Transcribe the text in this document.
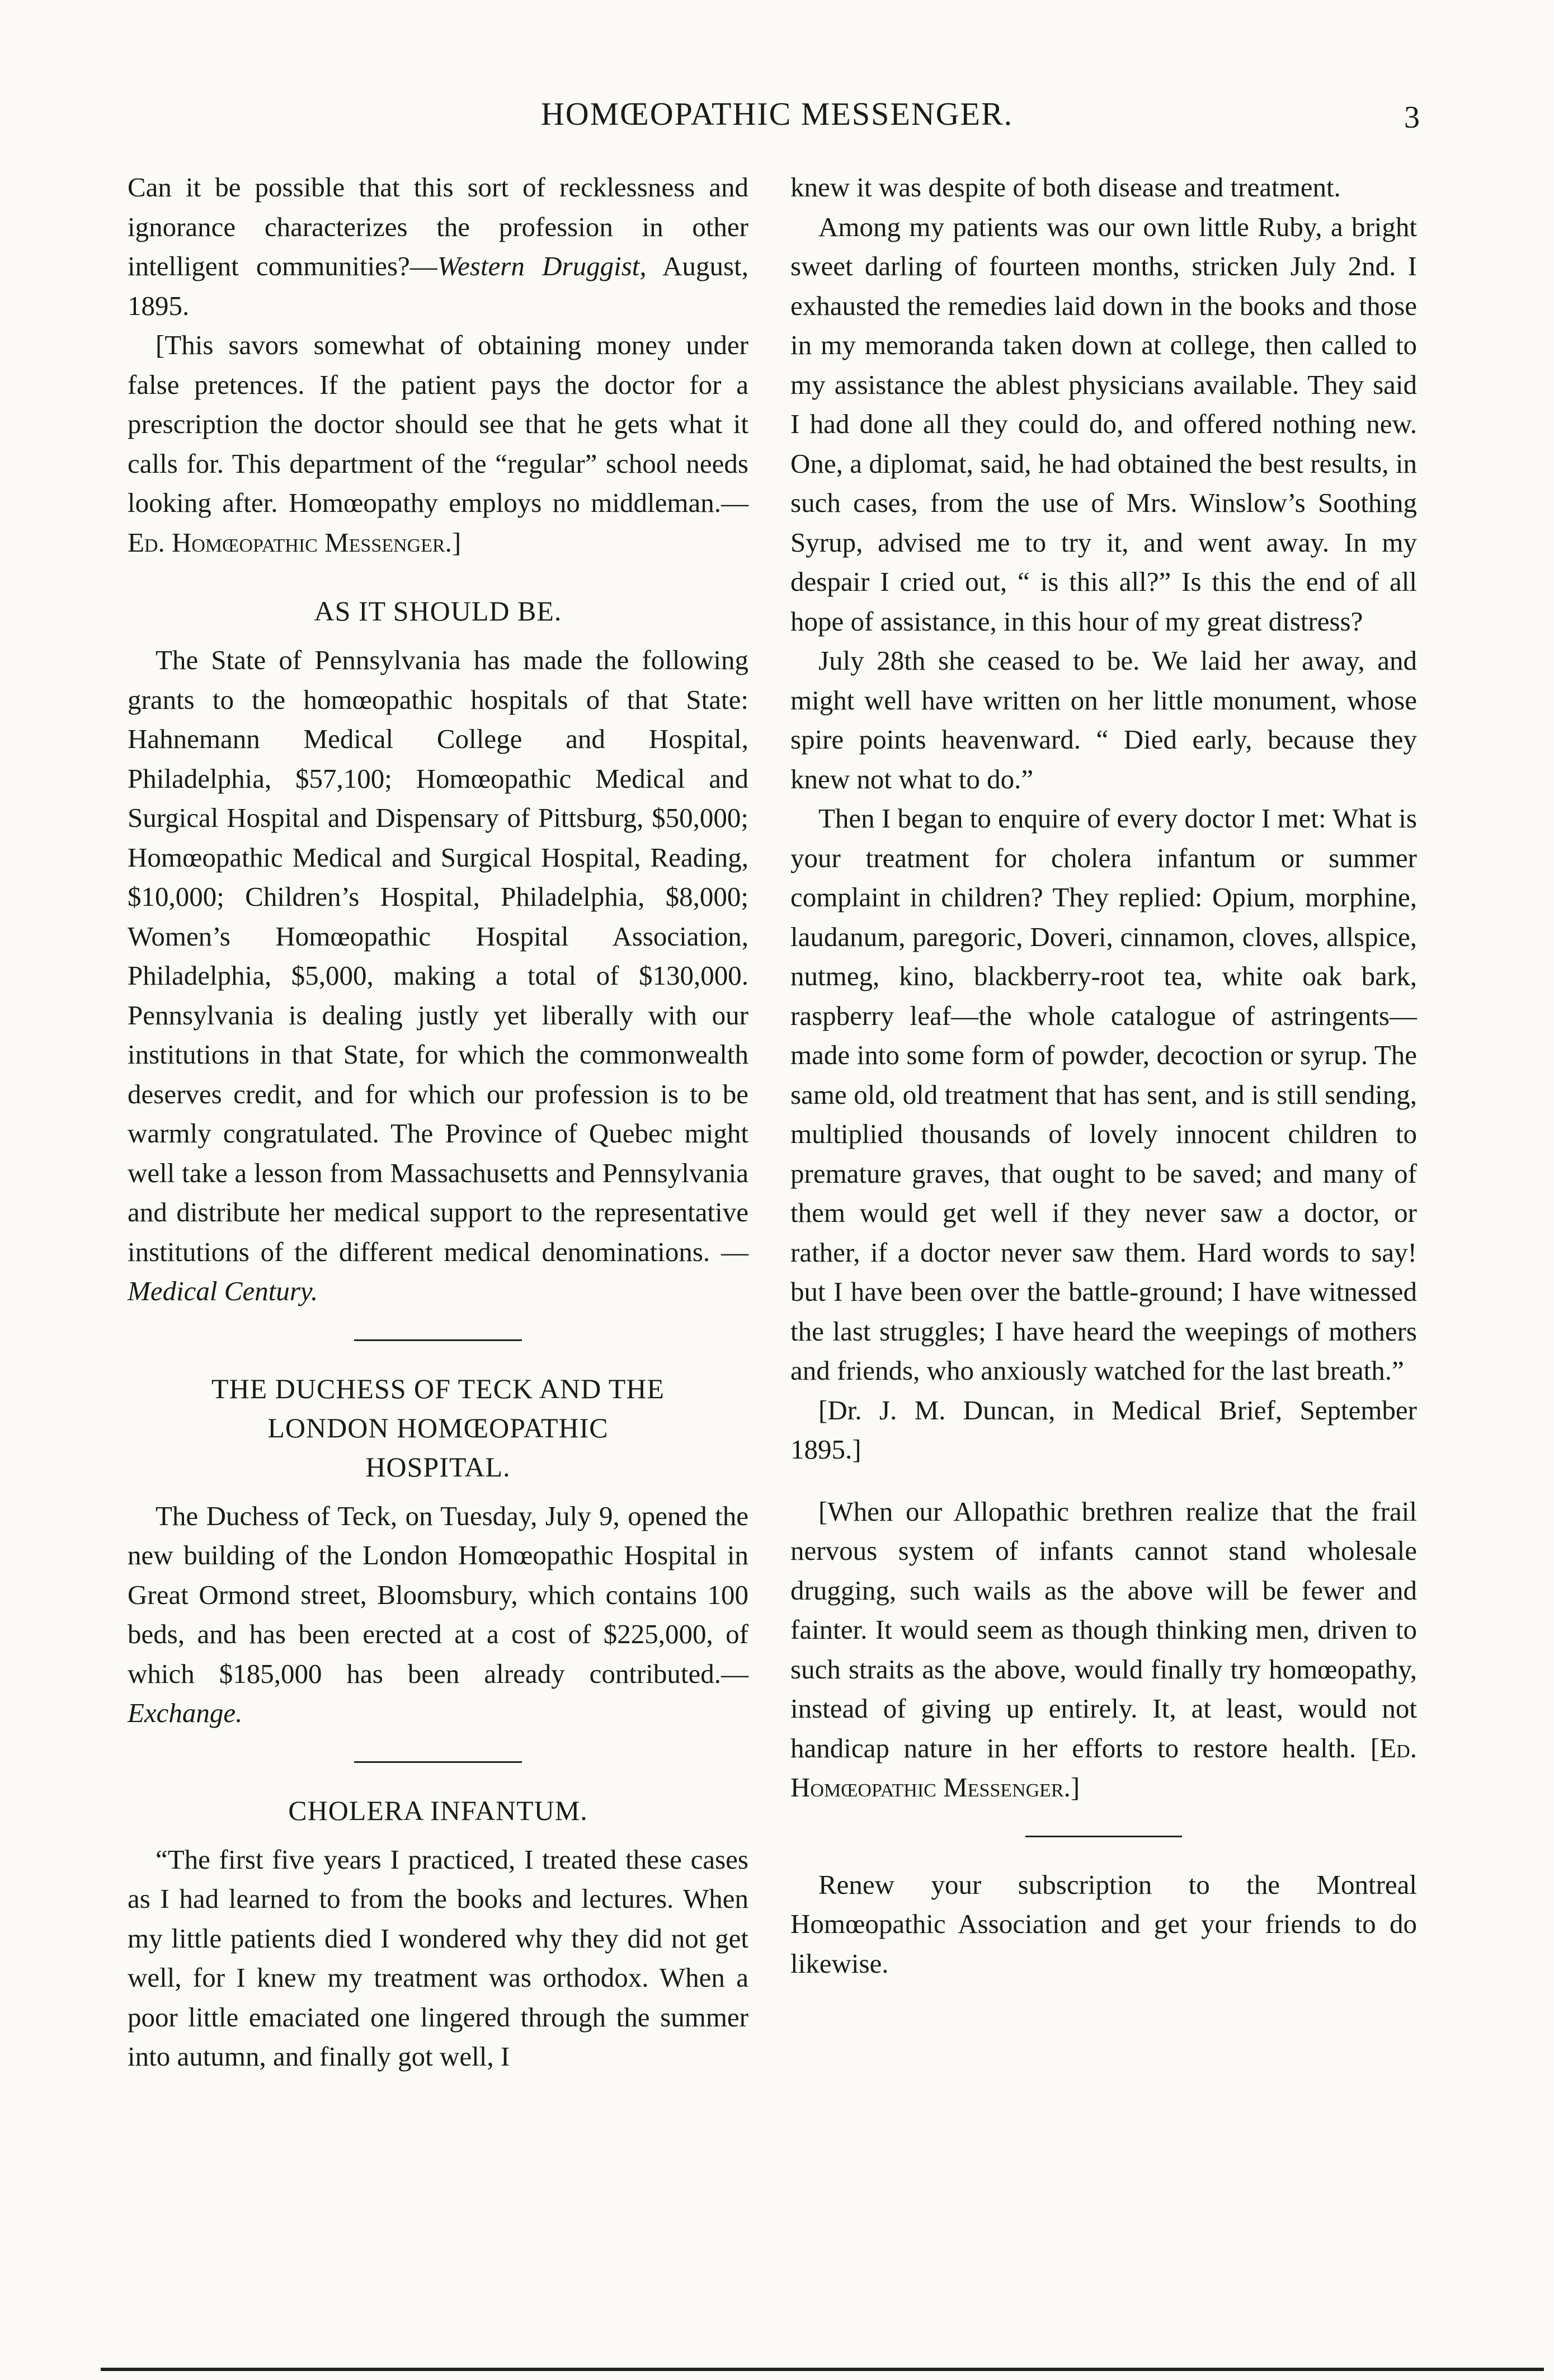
HOMŒOPATHIC MESSENGER.	3

Can it be possible that this sort of recklessness and ignorance characterizes the profession in other intelligent communities?—Western Druggist, August, 1895.

[This savors somewhat of obtaining money under false pretences. If the patient pays the doctor for a prescription the doctor should see that he gets what it calls for. This department of the “regular” school needs looking after. Homœopathy employs no middleman.—Ed. Homœopathic Messenger.]

AS IT SHOULD BE.

The State of Pennsylvania has made the following grants to the homœopathic hospitals of that State: Hahnemann Medical College and Hospital, Philadelphia, $57,100; Homœopathic Medical and Surgical Hospital and Dispensary of Pittsburg, $50,000; Homœopathic Medical and Surgical Hospital, Reading, $10,000; Children’s Hospital, Philadelphia, $8,000; Women’s Homœopathic Hospital Association, Philadelphia, $5,000, making a total of $130,000. Pennsylvania is dealing justly yet liberally with our institutions in that State, for which the commonwealth deserves credit, and for which our profession is to be warmly congratulated. The Province of Quebec might well take a lesson from Massachusetts and Pennsylvania and distribute her medical support to the representative institutions of the different medical denominations. —Medical Century.

THE DUCHESS OF TECK AND THE
LONDON HOMŒOPATHIC
HOSPITAL.

The Duchess of Teck, on Tuesday, July 9, opened the new building of the London Homœopathic Hospital in Great Ormond street, Bloomsbury, which contains 100 beds, and has been erected at a cost of $225,000, of which $185,000 has been already contributed.—Exchange.

CHOLERA INFANTUM.

“The first five years I practiced, I treated these cases as I had learned to from the books and lectures. When my little patients died I wondered why they did not get well, for I knew my treatment was orthodox. When a poor little emaciated one lingered through the summer into autumn, and finally got well, I

knew it was despite of both disease and treatment.

Among my patients was our own little Ruby, a bright sweet darling of fourteen months, stricken July 2nd. I exhausted the remedies laid down in the books and those in my memoranda taken down at college, then called to my assistance the ablest physicians available. They said I had done all they could do, and offered nothing new. One, a diplomat, said, he had obtained the best results, in such cases, from the use of Mrs. Winslow’s Soothing Syrup, advised me to try it, and went away. In my despair I cried out, “ is this all?” Is this the end of all hope of assistance, in this hour of my great distress?

July 28th she ceased to be. We laid her away, and might well have written on her little monument, whose spire points heavenward. “ Died early, because they knew not what to do.”

Then I began to enquire of every doctor I met: What is your treatment for cholera infantum or summer complaint in children? They replied: Opium, morphine, laudanum, paregoric, Doveri, cinnamon, cloves, allspice, nutmeg, kino, blackberry-root tea, white oak bark, raspberry leaf—the whole catalogue of astringents—made into some form of powder, decoction or syrup. The same old, old treatment that has sent, and is still sending, multiplied thousands of lovely innocent children to premature graves, that ought to be saved; and many of them would get well if they never saw a doctor, or rather, if a doctor never saw them. Hard words to say! but I have been over the battle-ground; I have witnessed the last struggles; I have heard the weepings of mothers and friends, who anxiously watched for the last breath.”

[Dr. J. M. Duncan, in Medical Brief, September 1895.]

[When our Allopathic brethren realize that the frail nervous system of infants cannot stand wholesale drugging, such wails as the above will be fewer and fainter. It would seem as though thinking men, driven to such straits as the above, would finally try homœopathy, instead of giving up entirely. It, at least, would not handicap nature in her efforts to restore health. [Ed. Homœopathic Messenger.]

Renew your subscription to the Montreal Homœopathic Association and get your friends to do likewise.
